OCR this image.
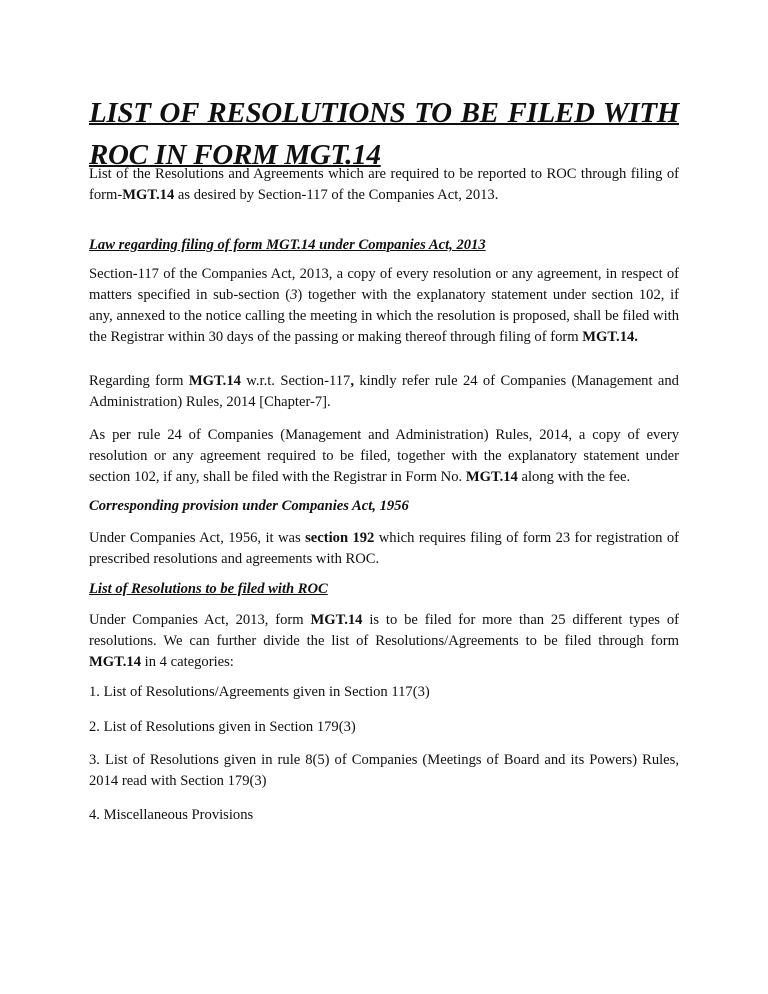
LIST OF RESOLUTIONS TO BE FILED WITH
ROC IN FORM MGT.14

List of the Resolutions and Agreements which are required to be reported to ROC through filing of form-MGT.14 as desired by Section-117 of the Companies Act, 2013.

Law regarding filing of form MGT.14 under Companies Act, 2013

Section-117 of the Companies Act, 2013, a copy of every resolution or any agreement, in respect of matters specified in sub-section (3) together with the explanatory statement under section 102, if any, annexed to the notice calling the meeting in which the resolution is proposed, shall be filed with the Registrar within 30 days of the passing or making thereof through filing of form MGT.14.

Regarding form MGT.14 w.r.t. Section-117, kindly refer rule 24 of Companies (Management and Administration) Rules, 2014 [Chapter-7].

As per rule 24 of Companies (Management and Administration) Rules, 2014, a copy of every resolution or any agreement required to be filed, together with the explanatory statement under section 102, if any, shall be filed with the Registrar in Form No. MGT.14 along with the fee.

Corresponding provision under Companies Act, 1956

Under Companies Act, 1956, it was section 192 which requires filing of form 23 for registration of prescribed resolutions and agreements with ROC.

List of Resolutions to be filed with ROC

Under Companies Act, 2013, form MGT.14 is to be filed for more than 25 different types of resolutions. We can further divide the list of Resolutions/Agreements to be filed through form MGT.14 in 4 categories:

1. List of Resolutions/Agreements given in Section 117(3)

2. List of Resolutions given in Section 179(3)

3. List of Resolutions given in rule 8(5) of Companies (Meetings of Board and its Powers) Rules, 2014 read with Section 179(3)

4. Miscellaneous Provisions
